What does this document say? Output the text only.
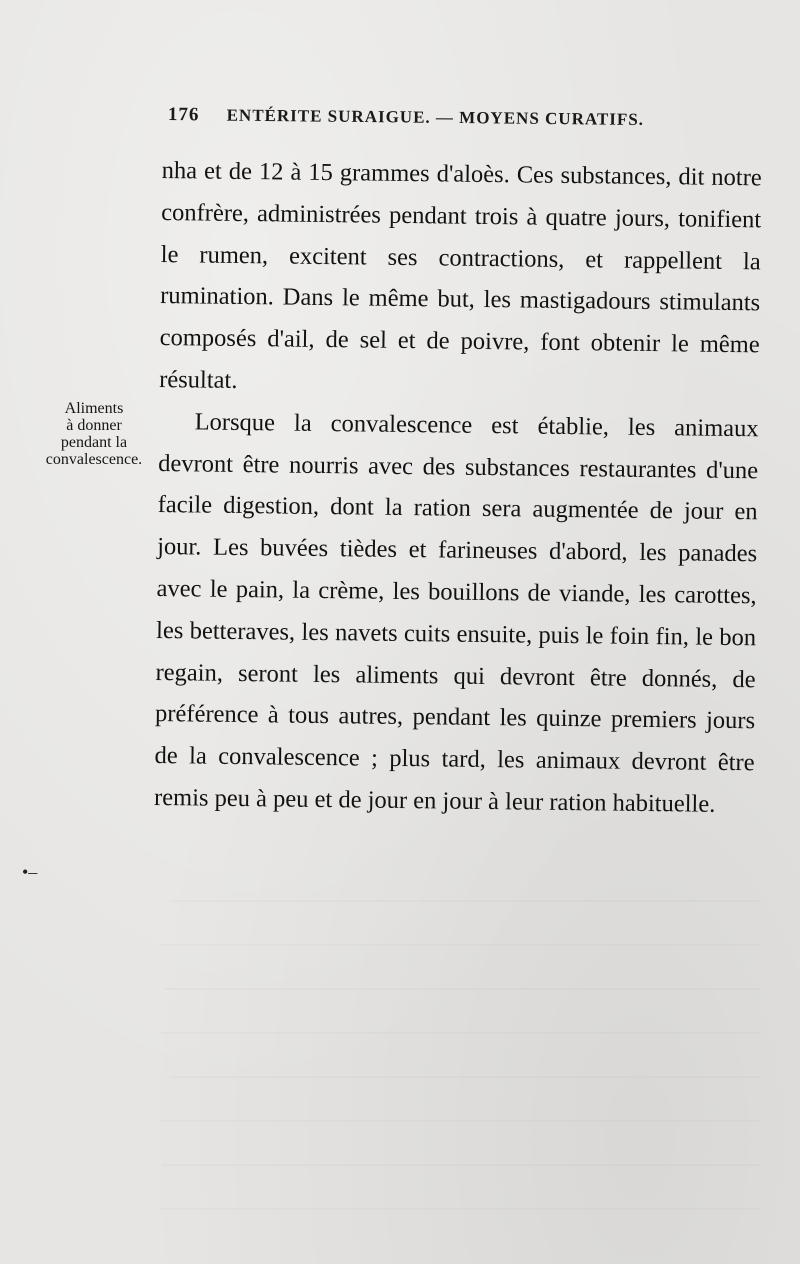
176 ENTÉRITE SURAIGUE. — MOYENS CURATIFS.
Aliments
à donner
pendant la
convalescence.

nha et de 12 à 15 grammes d'aloès. Ces substances, dit notre confrère, administrées pendant trois à quatre jours, tonifient le rumen, excitent ses contractions, et rappellent la rumination. Dans le même but, les mastigadours stimulants composés d'ail, de sel et de poivre, font obtenir le même résultat.

Lorsque la convalescence est établie, les animaux devront être nourris avec des substances restaurantes d'une facile digestion, dont la ration sera augmentée de jour en jour. Les buvées tièdes et farineuses d'abord, les panades avec le pain, la crème, les bouillons de viande, les carottes, les betteraves, les navets cuits ensuite, puis le foin fin, le bon regain, seront les aliments qui devront être donnés, de préférence à tous autres, pendant les quinze premiers jours de la convalescence ; plus tard, les animaux devront être remis peu à peu et de jour en jour à leur ration habituelle.

•–
